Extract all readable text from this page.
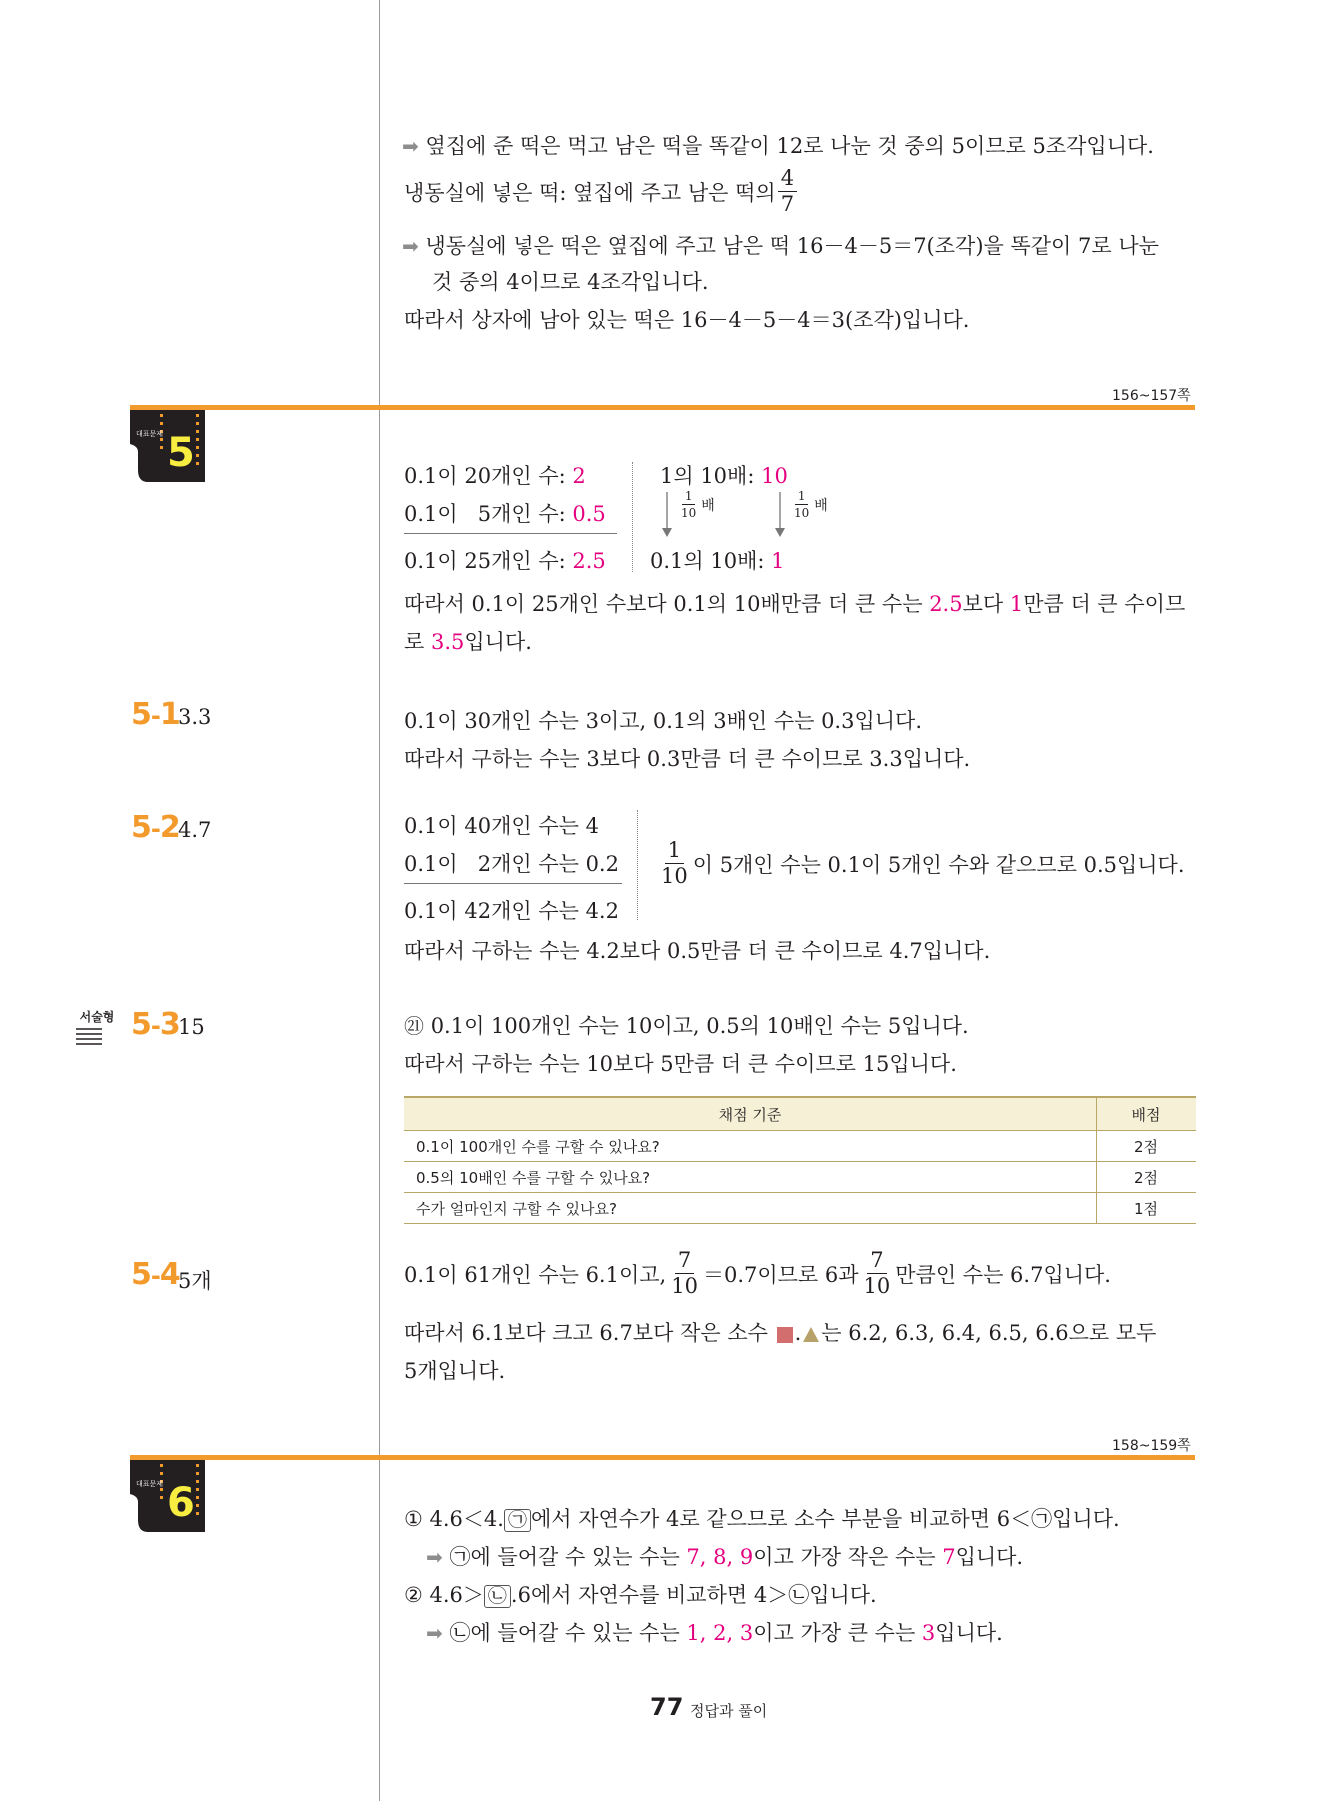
➡ 옆집에 준 떡은 먹고 남은 떡을 똑같이 12로 나눈 것 중의 5이므로 5조각입니다.
냉동실에 넣은 떡: 옆집에 주고 남은 떡의 $\frac{4}{7}$
➡ 냉동실에 넣은 떡은 옆집에 주고 남은 떡 16－4－5＝7(조각)을 똑같이 7로 나눈
것 중의 4이므로 4조각입니다.
따라서 상자에 남아 있는 떡은 16－4－5－4＝3(조각)입니다.
156~157쪽
대표문제 5	0.1이 20개인 수: 2
0.1이   5개인 수: 0.5
0.1이 25개인 수: 2.5
1의 10배: 10
$\frac{1}{10}$ 배	$\frac{1}{10}$ 배
0.1의 10배: 1
따라서 0.1이 25개인 수보다 0.1의 10배만큼 더 큰 수는 2.5보다 1만큼 더 큰 수이므
로 3.5입니다.
5-1
3.3	0.1이 30개인 수는 3이고, 0.1의 3배인 수는 0.3입니다.
따라서 구하는 수는 3보다 0.3만큼 더 큰 수이므로 3.3입니다.
5-2
4.7	0.1이 40개인 수는 4
0.1이   2개인 수는 0.2
0.1이 42개인 수는 4.2
$\frac{1}{10}$ 이 5개인 수는 0.1이 5개인 수와 같으므로 0.5입니다.
따라서 구하는 수는 4.2보다 0.5만큼 더 큰 수이므로 4.7입니다.
서술형 5-3
15	㉑ 0.1이 100개인 수는 10이고, 0.5의 10배인 수는 5입니다.
따라서 구하는 수는 10보다 5만큼 더 큰 수이므로 15입니다.
채점 기준	배점
0.1이 100개인 수를 구할 수 있나요?	2점
0.5의 10배인 수를 구할 수 있나요?	2점
수가 얼마인지 구할 수 있나요?	1점
5-4
5개	0.1이 61개인 수는 6.1이고, $\frac{7}{10} =0.7$이므로 6과 $\frac{7}{10}$ 만큼인 수는 6.7입니다.
따라서 6.1보다 크고 6.7보다 작은 소수 . 는 6.2, 6.3, 6.4, 6.5, 6.6으로 모두
5개입니다.
158~159쪽
대표문제 6	① 4.6＜4. ㉠ 에서 자연수가 4로 같으므로 소수 부분을 비교하면 6＜㉠입니다.
➡ ㉠에 들어갈 수 있는 수는 7, 8, 9이고 가장 작은 수는 7입니다.
② 4.6＞ ㉡ .6에서 자연수를 비교하면 4＞㉡입니다.
➡ ㉡에 들어갈 수 있는 수는 1, 2, 3이고 가장 큰 수는 3입니다.
77 정답과 풀이
